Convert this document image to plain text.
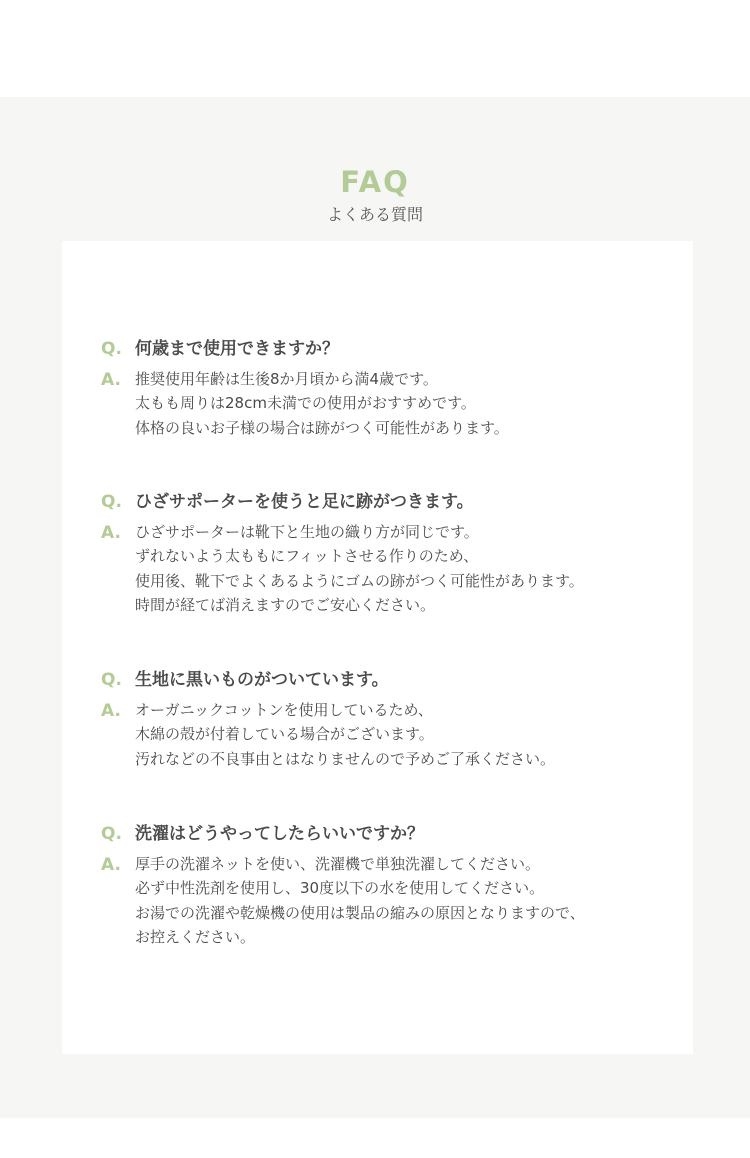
FAQ
よくある質問
Q. 何歳まで使用できますか？
A. 推奨使用年齢は生後8か月頃から満4歳です。
太もも周りは28cm未満での使用がおすすめです。
体格の良いお子様の場合は跡がつく可能性があります。
Q. ひざサポーターを使うと足に跡がつきます。
A. ひざサポーターは靴下と生地の織り方が同じです。
ずれないよう太ももにフィットさせる作りのため、
使用後、靴下でよくあるようにゴムの跡がつく可能性があります。
時間が経てば消えますのでご安心ください。
Q. 生地に黒いものがついています。
A. オーガニックコットンを使用しているため、
木綿の殻が付着している場合がございます。
汚れなどの不良事由とはなりませんので予めご了承ください。
Q. 洗濯はどうやってしたらいいですか？
A. 厚手の洗濯ネットを使い、洗濯機で単独洗濯してください。
必ず中性洗剤を使用し、30度以下の水を使用してください。
お湯での洗濯や乾燥機の使用は製品の縮みの原因となりますので、
お控えください。
